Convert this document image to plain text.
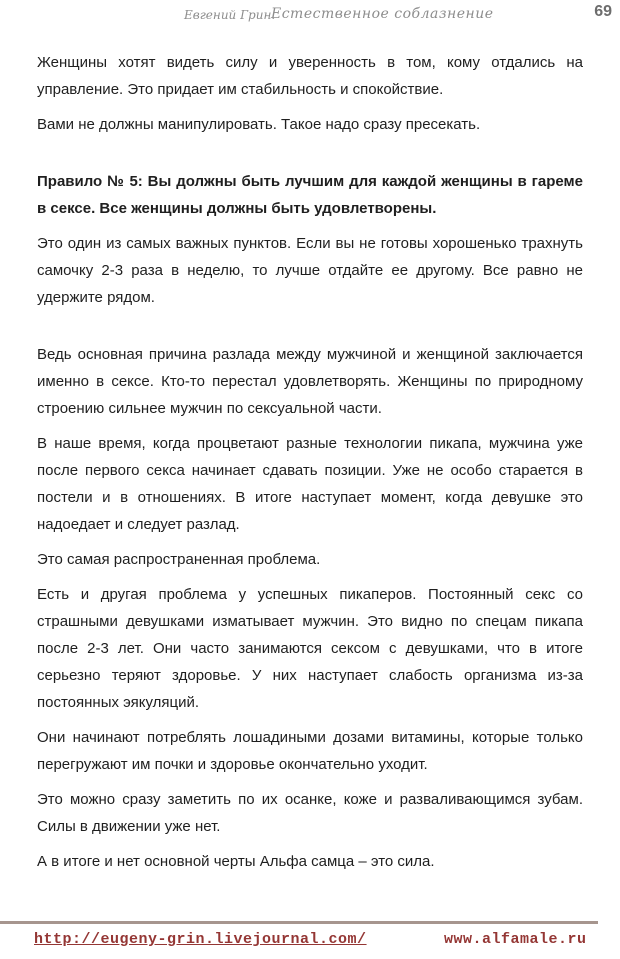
Евгений Грин.
Естественное соблазнение	69

Женщины хотят видеть силу и уверенность в том, кому отдались на управление. Это придает им стабильность и спокойствие.

Вами не должны манипулировать. Такое надо сразу пресекать.

Правило № 5: Вы должны быть лучшим для каждой женщины в гареме в сексе. Все женщины должны быть удовлетворены.

Это один из самых важных пунктов. Если вы не готовы хорошенько трахнуть самочку 2-3 раза в неделю, то лучше отдайте ее другому. Все равно не удержите рядом.

Ведь основная причина разлада между мужчиной и женщиной заключается именно в сексе. Кто-то перестал удовлетворять. Женщины по природному строению сильнее мужчин по сексуальной части.

В наше время, когда процветают разные технологии пикапа, мужчина уже после первого секса начинает сдавать позиции. Уже не особо старается в постели и в отношениях. В итоге наступает момент, когда девушке это надоедает и следует разлад.

Это самая распространенная проблема.

Есть и другая проблема у успешных пикаперов. Постоянный секс со страшными девушками изматывает мужчин. Это видно по спецам пикапа после 2-3 лет. Они часто занимаются сексом с девушками, что в итоге серьезно теряют здоровье. У них наступает слабость организма из-за постоянных эякуляций.

Они начинают потреблять лошадиными дозами витамины, которые только перегружают им почки и здоровье окончательно уходит.

Это можно сразу заметить по их осанке, коже и разваливающимся зубам. Силы в движении уже нет.

А в итоге и нет основной черты Альфа самца – это сила.

http://eugeny-grin.livejournal.com/	www.alfamale.ru
